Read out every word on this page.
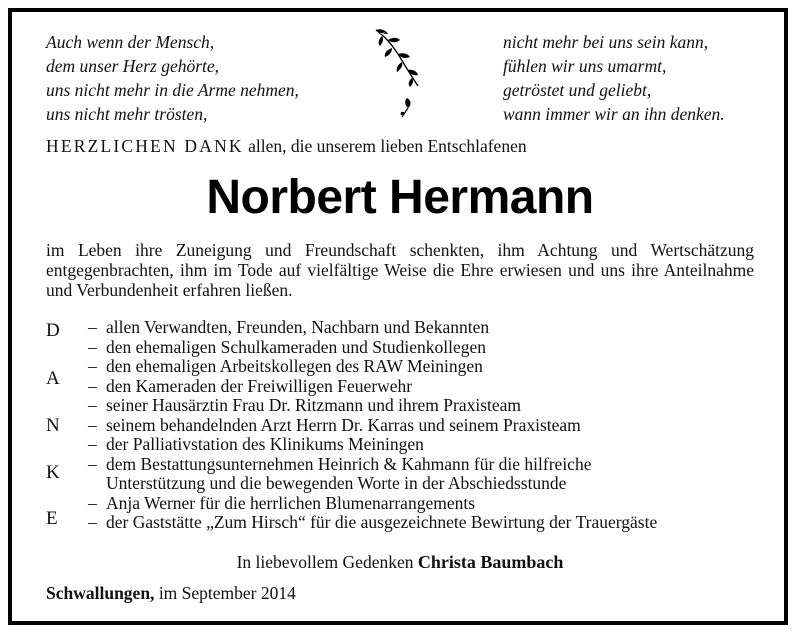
Auch wenn der Mensch,
dem unser Herz gehörte,
uns nicht mehr in die Arme nehmen,
uns nicht mehr trösten,
nicht mehr bei uns sein kann,
fühlen wir uns umarmt,
getröstet und geliebt,
wann immer wir an ihn denken.
HERZLICHEN DANK allen, die unserem lieben Entschlafenen
Norbert Hermann
im Leben ihre Zuneigung und Freundschaft schenkten, ihm Achtung und Wertschätzung entgegenbrachten, ihm im Tode auf vielfältige Weise die Ehre erwiesen und uns ihre Anteilnahme und Verbundenheit erfahren ließen.
D
A
N
K
E
– allen Verwandten, Freunden, Nachbarn und Bekannten
– den ehemaligen Schulkameraden und Studienkollegen
– den ehemaligen Arbeitskollegen des RAW Meiningen
– den Kameraden der Freiwilligen Feuerwehr
– seiner Hausärztin Frau Dr. Ritzmann und ihrem Praxisteam
– seinem behandelnden Arzt Herrn Dr. Karras und seinem Praxisteam
– der Palliativstation des Klinikums Meiningen
– dem Bestattungsunternehmen Heinrich & Kahmann für die hilfreiche
Unterstützung und die bewegenden Worte in der Abschiedsstunde
– Anja Werner für die herrlichen Blumenarrangements
– der Gaststätte „Zum Hirsch“ für die ausgezeichnete Bewirtung der Trauergäste
In liebevollem Gedenken Christa Baumbach
Schwallungen, im September 2014
